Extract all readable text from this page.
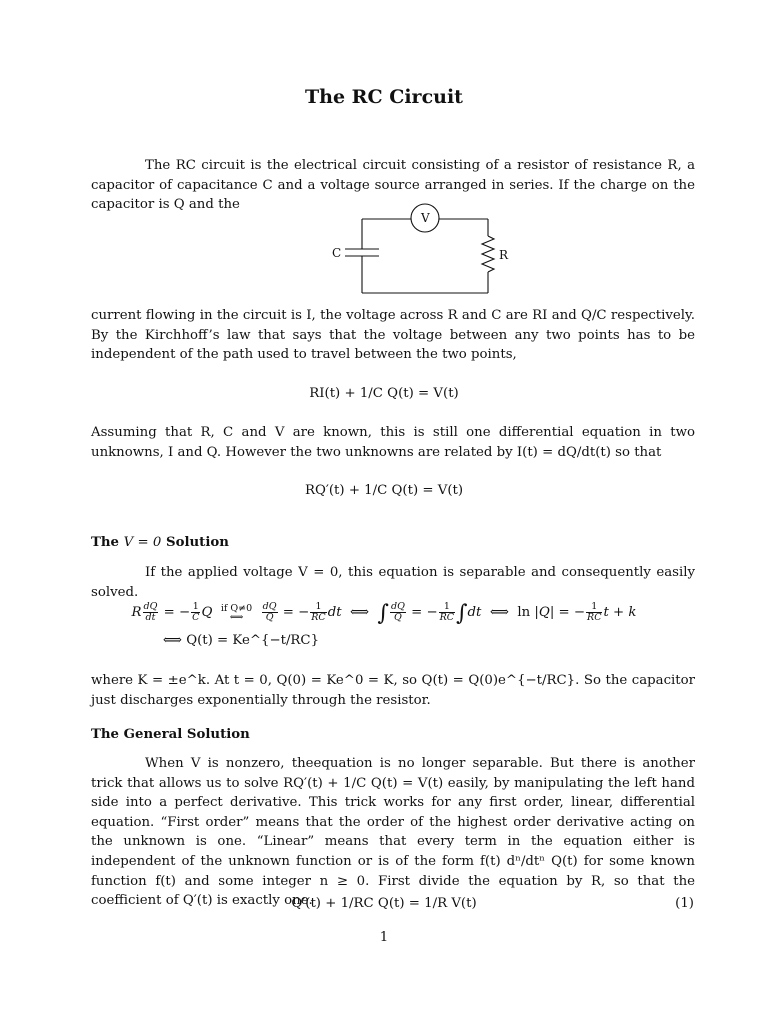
The RC Circuit
The RC circuit is the electrical circuit consisting of a resistor of resistance R, a capacitor of capacitance C and a voltage source arranged in series. If the charge on the capacitor is Q and the
V
C	R
current flowing in the circuit is I, the voltage across R and C are RI and Q/C respectively. By the Kirchhoff’s law that says that the voltage between any two points has to be independent of the path used to travel between the two points,
RI(t) + 1/C Q(t) = V(t)
Assuming that R, C and V are known, this is still one differential equation in two unknowns, I and Q. However the two unknowns are related by I(t) = dQ/dt(t) so that
RQ′(t) + 1/C Q(t) = V(t)
The V = 0 Solution
If the applied voltage V = 0, this equation is separable and consequently easily solved.
R $\frac{dQ}{dt}$ = − $\frac{1}{C}$ Q if Q≠0
⟺ $\frac{dQ}{Q}$ = − $\frac{1}{RC}$ dt  ⟺  ∫ $\frac{dQ}{Q}$ = − $\frac{1}{RC} \int dt$  ⟺  ln |Q| = − $\frac{1}{RC}$ t + k
⟺ Q(t) = Ke^{−t/RC}
where K = ±e^k. At t = 0, Q(0) = Ke^0 = K, so Q(t) = Q(0)e^{−t/RC}. So the capacitor just discharges exponentially through the resistor.
The General Solution
When V is nonzero, theequation is no longer separable. But there is another trick that allows us to solve RQ′(t) + 1/C Q(t) = V(t) easily, by manipulating the left hand side into a perfect derivative. This trick works for any first order, linear, differential equation. “First order” means that the order of the highest order derivative acting on the unknown is one. “Linear” means that every term in the equation either is independent of the unknown function or is of the form f(t) dⁿ/dtⁿ Q(t) for some known function f(t) and some integer n ≥ 0. First divide the equation by R, so that the coefficient of Q′(t) is exactly one.
Q′(t) + 1/RC Q(t) = 1/R V(t)	(1)
1
